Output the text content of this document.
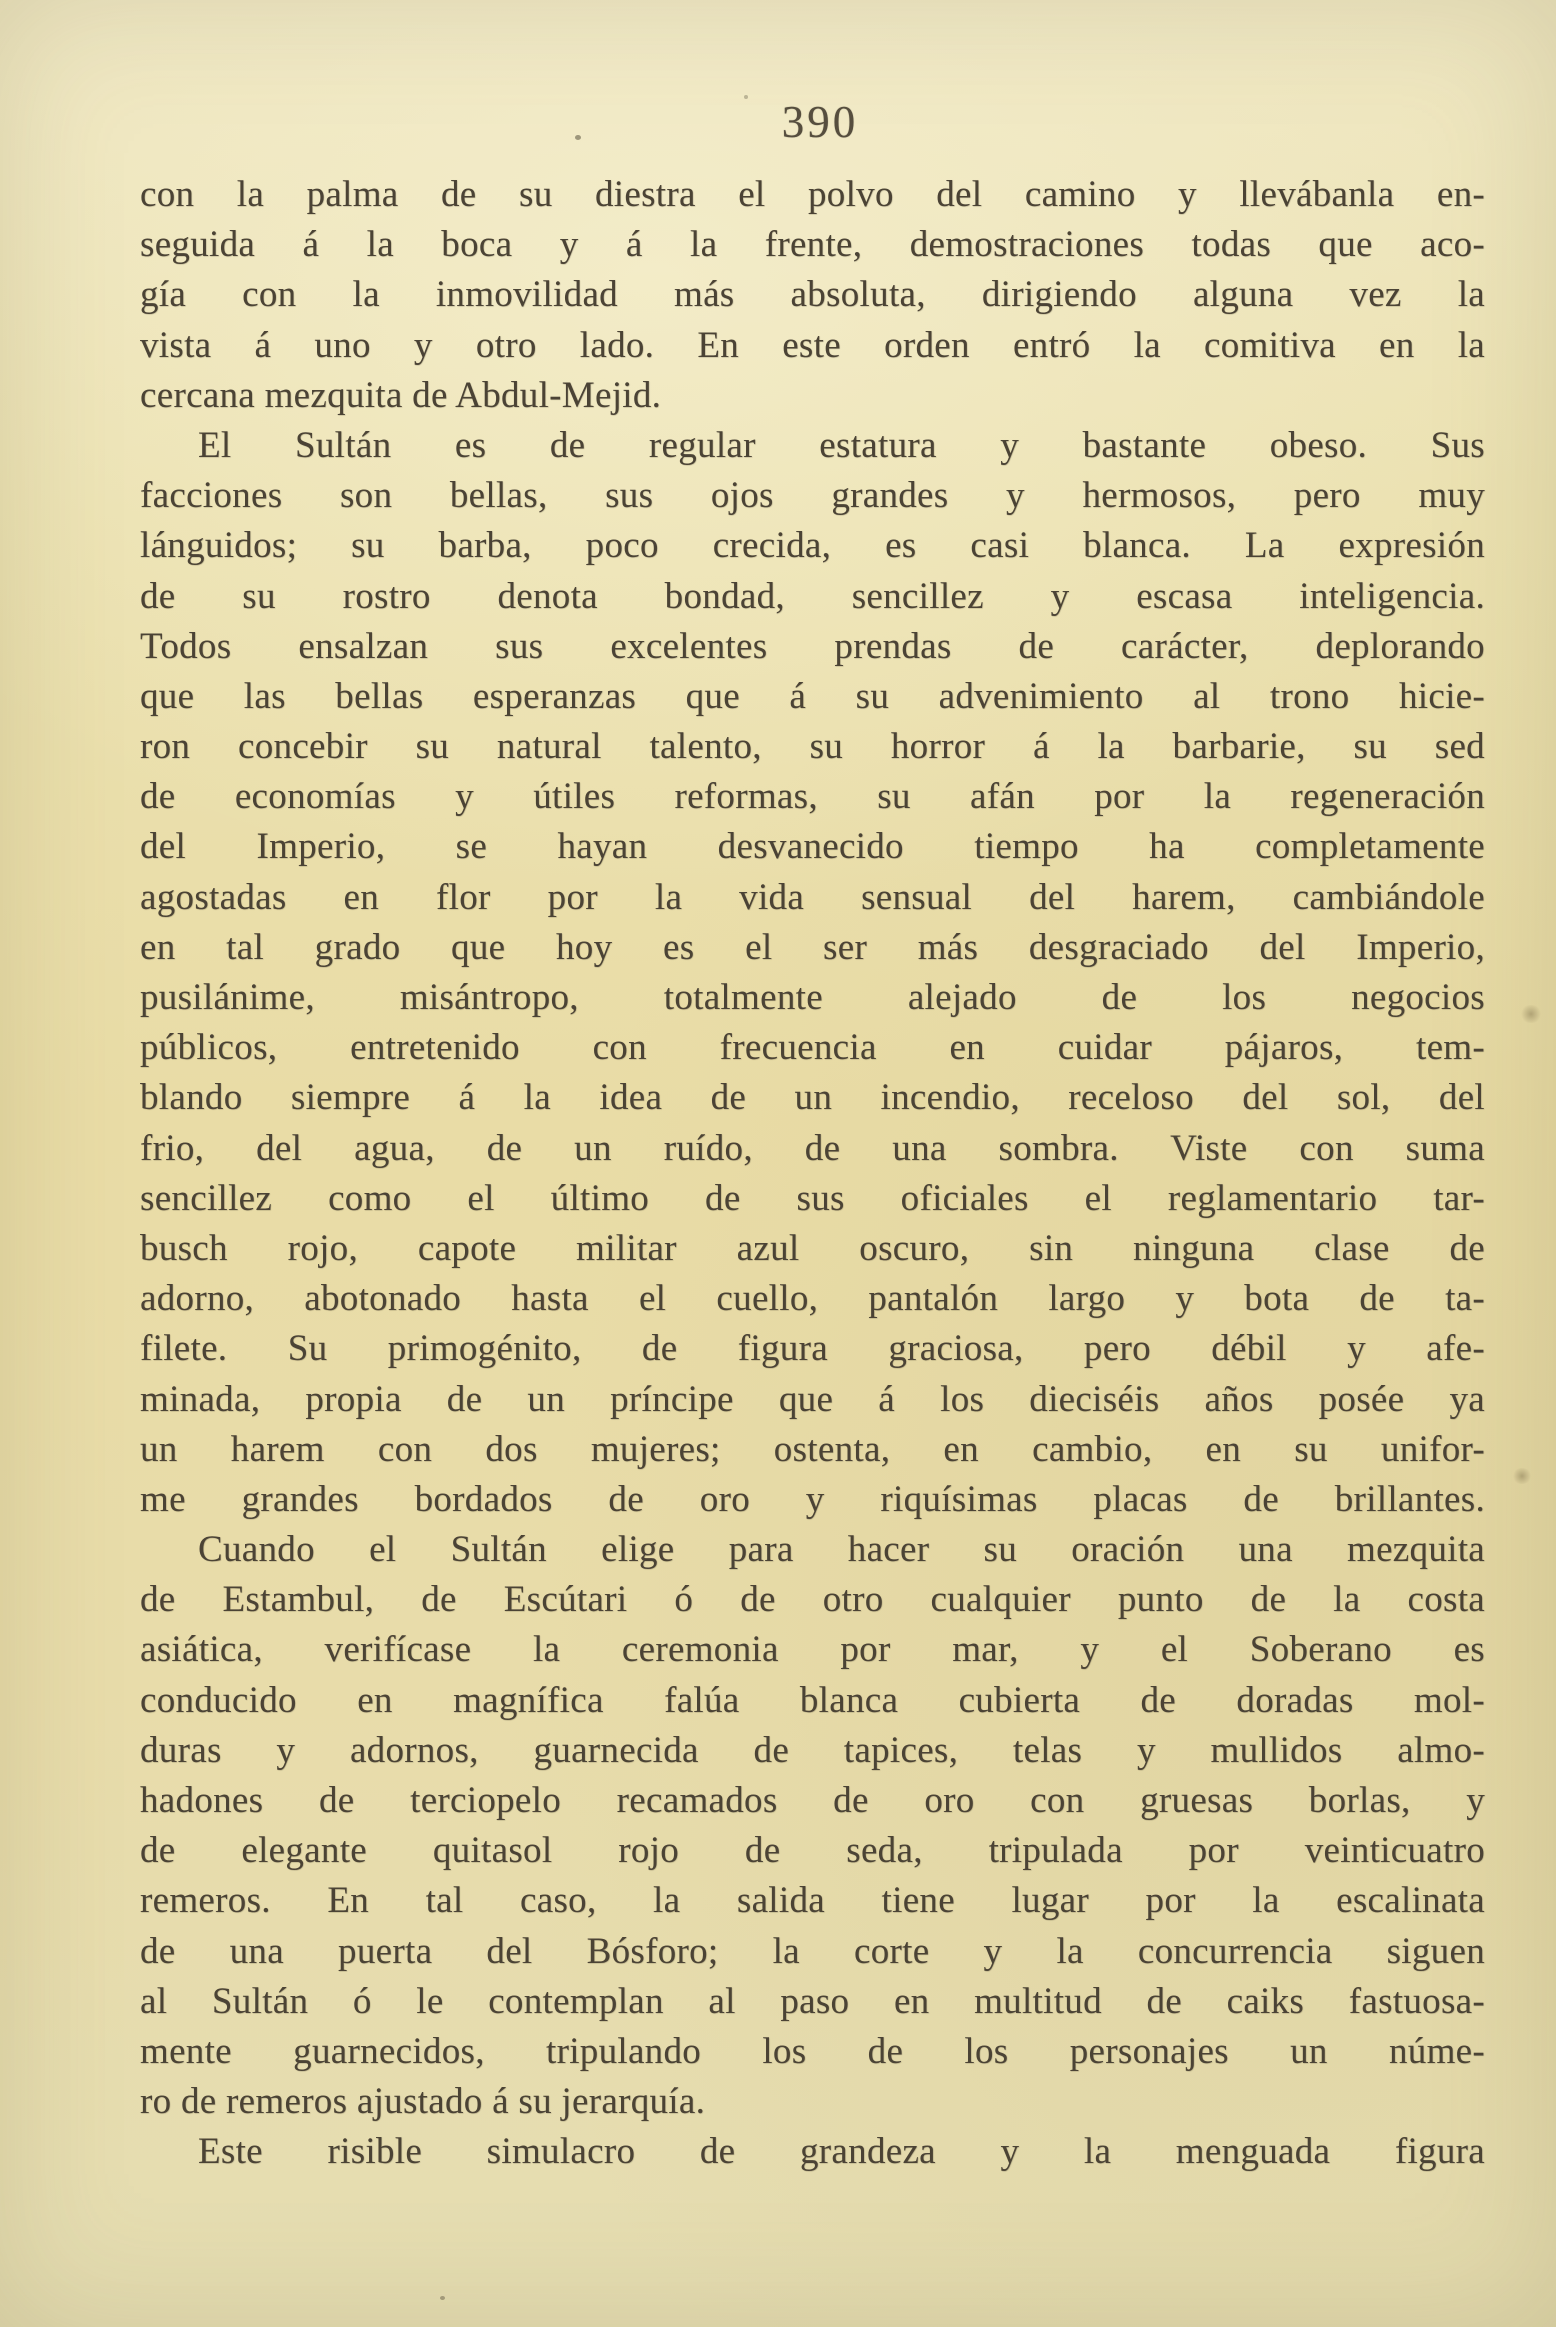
390
con la palma de su diestra el polvo del camino y llevábanla en-
seguida á la boca y á la frente, demostraciones todas que aco-
gía con la inmovilidad más absoluta, dirigiendo alguna vez la
vista á uno y otro lado. En este orden entró la comitiva en la
cercana mezquita de Abdul-Mejid.
El Sultán es de regular estatura y bastante obeso. Sus
facciones son bellas, sus ojos grandes y hermosos, pero muy
lánguidos; su barba, poco crecida, es casi blanca. La expresión
de su rostro denota bondad, sencillez y escasa inteligencia.
Todos ensalzan sus excelentes prendas de carácter, deplorando
que las bellas esperanzas que á su advenimiento al trono hicie-
ron concebir su natural talento, su horror á la barbarie, su sed
de economías y útiles reformas, su afán por la regeneración
del Imperio, se hayan desvanecido tiempo ha completamente
agostadas en flor por la vida sensual del harem, cambiándole
en tal grado que hoy es el ser más desgraciado del Imperio,
pusilánime, misántropo, totalmente alejado de los negocios
públicos, entretenido con frecuencia en cuidar pájaros, tem-
blando siempre á la idea de un incendio, receloso del sol, del
frio, del agua, de un ruído, de una sombra. Viste con suma
sencillez como el último de sus oficiales el reglamentario tar-
busch rojo, capote militar azul oscuro, sin ninguna clase de
adorno, abotonado hasta el cuello, pantalón largo y bota de ta-
filete. Su primogénito, de figura graciosa, pero débil y afe-
minada, propia de un príncipe que á los dieciséis años posée ya
un harem con dos mujeres; ostenta, en cambio, en su unifor-
me grandes bordados de oro y riquísimas placas de brillantes.
Cuando el Sultán elige para hacer su oración una mezquita
de Estambul, de Escútari ó de otro cualquier punto de la costa
asiática, verifícase la ceremonia por mar, y el Soberano es
conducido en magnífica falúa blanca cubierta de doradas mol-
duras y adornos, guarnecida de tapices, telas y mullidos almo-
hadones de terciopelo recamados de oro con gruesas borlas, y
de elegante quitasol rojo de seda, tripulada por veinticuatro
remeros. En tal caso, la salida tiene lugar por la escalinata
de una puerta del Bósforo; la corte y la concurrencia siguen
al Sultán ó le contemplan al paso en multitud de caiks fastuosa-
mente guarnecidos, tripulando los de los personajes un núme-
ro de remeros ajustado á su jerarquía.
Este risible simulacro de grandeza y la menguada figura
